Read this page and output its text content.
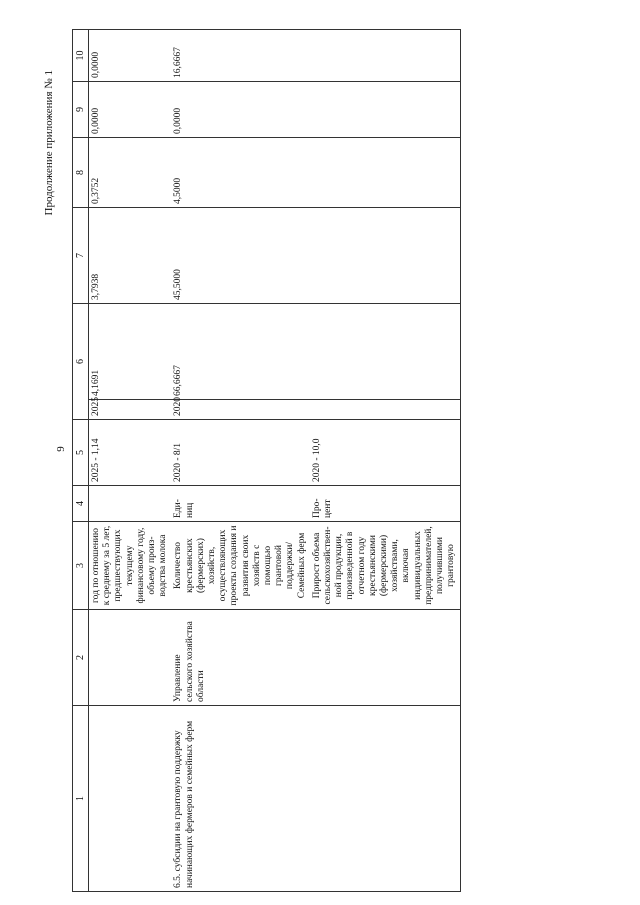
9
Продолжение приложения № 1
1	2	3	4	5	6		7	8	9	10
		год по отношению к среднему за 5 лет, предшествующих текущему финансовому году, объему произ-водства молока		2025 - 1,14	2025	4,1691	3,7938	0,3752	0,0000	0,0000
6.5. субсидии на грантовую поддержку начинающих фермеров и семейных ферм	Управление сельского хозяйства области	Количество крестьянских (фермерских) хозяйств, осуществляющих проекты создания и развития своих хозяйств с помощью грантовой поддержки/ Семейных ферм	Еди-ниц	2020 - 8/1	2020	66,6667	45,5000	4,5000	0,0000	16,6667
		Прирост объема сельскохозяйствен-ной продукции, произведенной в отчетном году крестьянскими (фермерскими) хозяйствами, включая индивидуальных предпринимателей, получившими грантовую	Про-цент	2020 - 10,0						
